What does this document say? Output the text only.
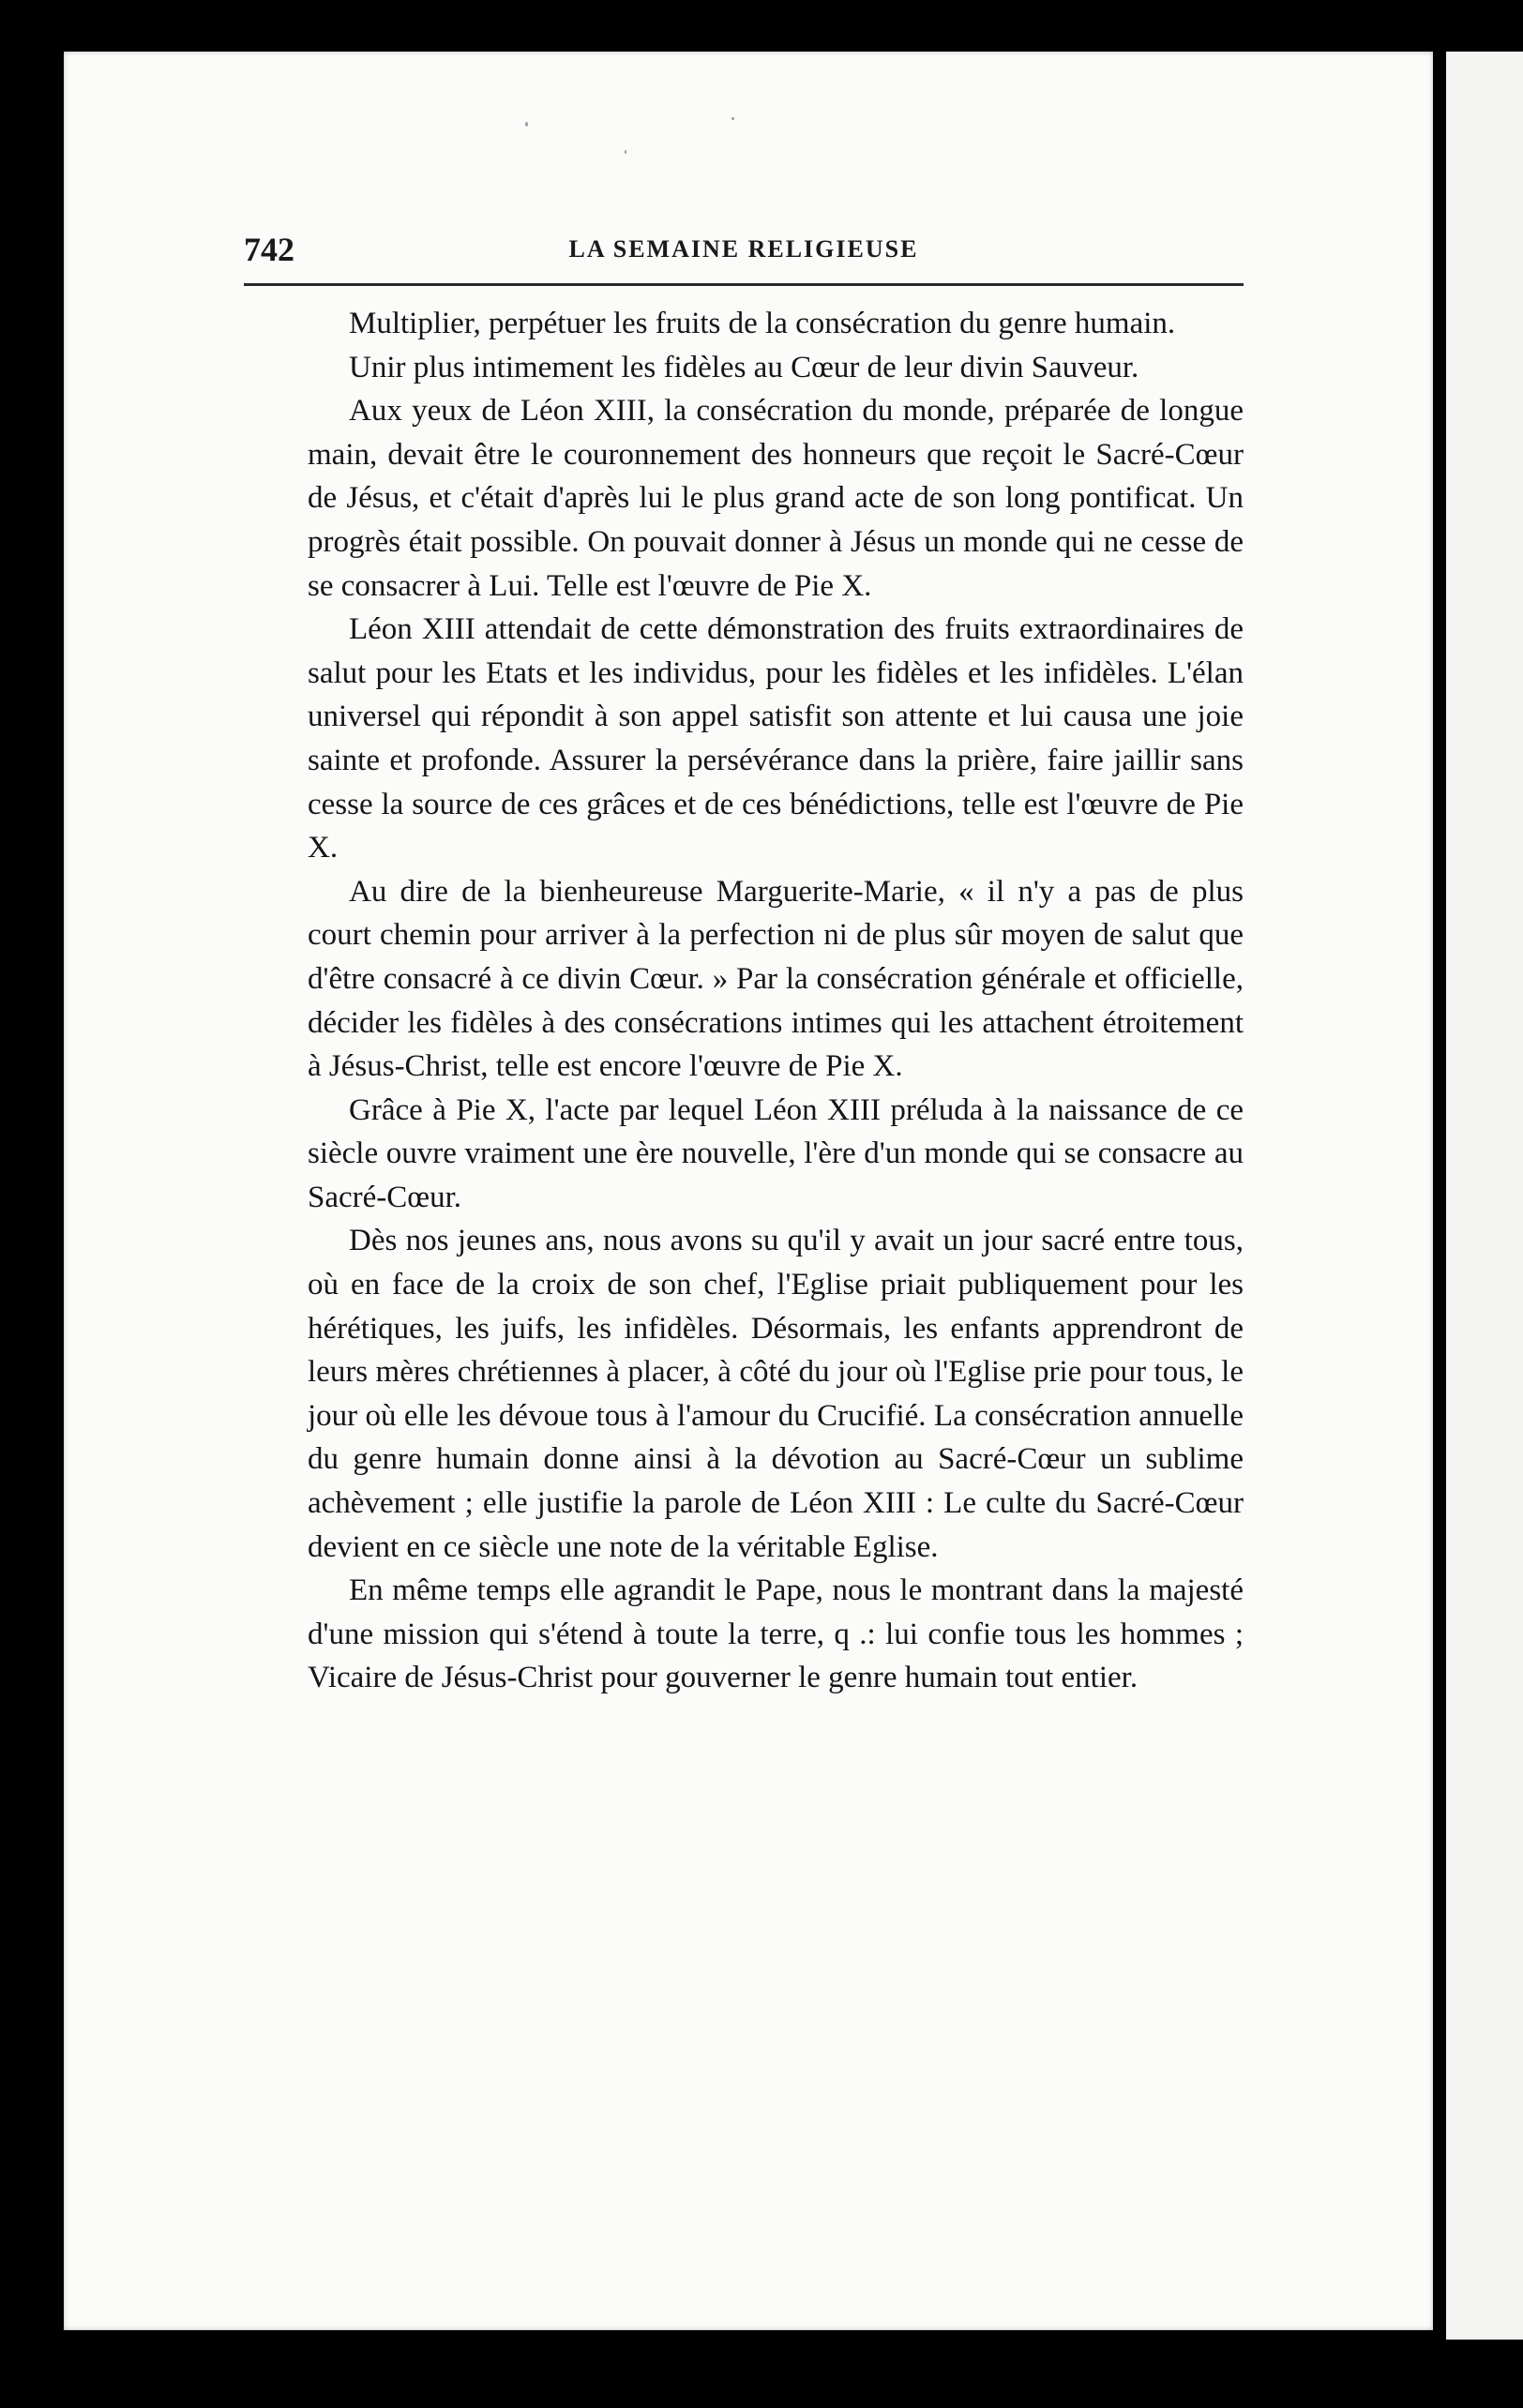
742	LA SEMAINE RELIGIEUSE

Multiplier, perpétuer les fruits de la consécration du genre humain.

Unir plus intimement les fidèles au Cœur de leur divin Sauveur.

Aux yeux de Léon XIII, la consécration du monde, préparée de longue main, devait être le couronnement des honneurs que reçoit le Sacré-Cœur de Jésus, et c'était d'après lui le plus grand acte de son long pontificat. Un progrès était possible. On pouvait donner à Jésus un monde qui ne cesse de se consacrer à Lui. Telle est l'œuvre de Pie X.

Léon XIII attendait de cette démonstration des fruits extraordinaires de salut pour les Etats et les individus, pour les fidèles et les infidèles. L'élan universel qui répondit à son appel satisfit son attente et lui causa une joie sainte et profonde. Assurer la persévérance dans la prière, faire jaillir sans cesse la source de ces grâces et de ces bénédictions, telle est l'œuvre de Pie X.

Au dire de la bienheureuse Marguerite-Marie, « il n'y a pas de plus court chemin pour arriver à la perfection ni de plus sûr moyen de salut que d'être consacré à ce divin Cœur. » Par la consécration générale et officielle, décider les fidèles à des consécrations intimes qui les attachent étroitement à Jésus-Christ, telle est encore l'œuvre de Pie X.

Grâce à Pie X, l'acte par lequel Léon XIII préluda à la naissance de ce siècle ouvre vraiment une ère nouvelle, l'ère d'un monde qui se consacre au Sacré-Cœur.

Dès nos jeunes ans, nous avons su qu'il y avait un jour sacré entre tous, où en face de la croix de son chef, l'Eglise priait publiquement pour les hérétiques, les juifs, les infidèles. Désormais, les enfants apprendront de leurs mères chrétiennes à placer, à côté du jour où l'Eglise prie pour tous, le jour où elle les dévoue tous à l'amour du Crucifié. La consécration annuelle du genre humain donne ainsi à la dévotion au Sacré-Cœur un sublime achèvement ; elle justifie la parole de Léon XIII : Le culte du Sacré-Cœur devient en ce siècle une note de la véritable Eglise.

En même temps elle agrandit le Pape, nous le montrant dans la majesté d'une mission qui s'étend à toute la terre, q .: lui confie tous les hommes ; Vicaire de Jésus-Christ pour gouverner le genre humain tout entier.
